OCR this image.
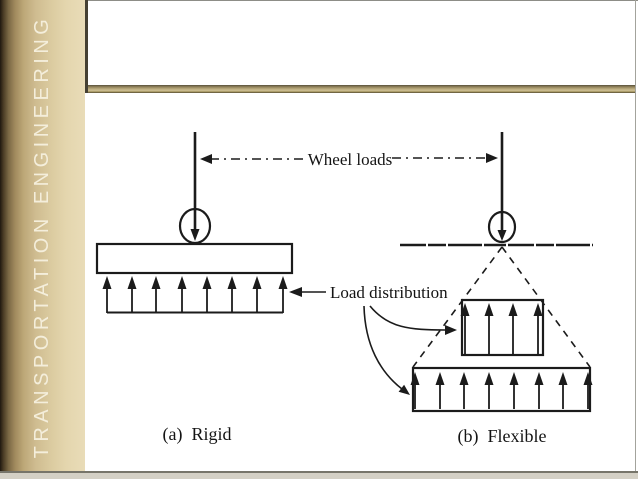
TRANSPORTATION ENGINEERING	Wheel loads
Load distribution
(a)  Rigid	(b)  Flexible
